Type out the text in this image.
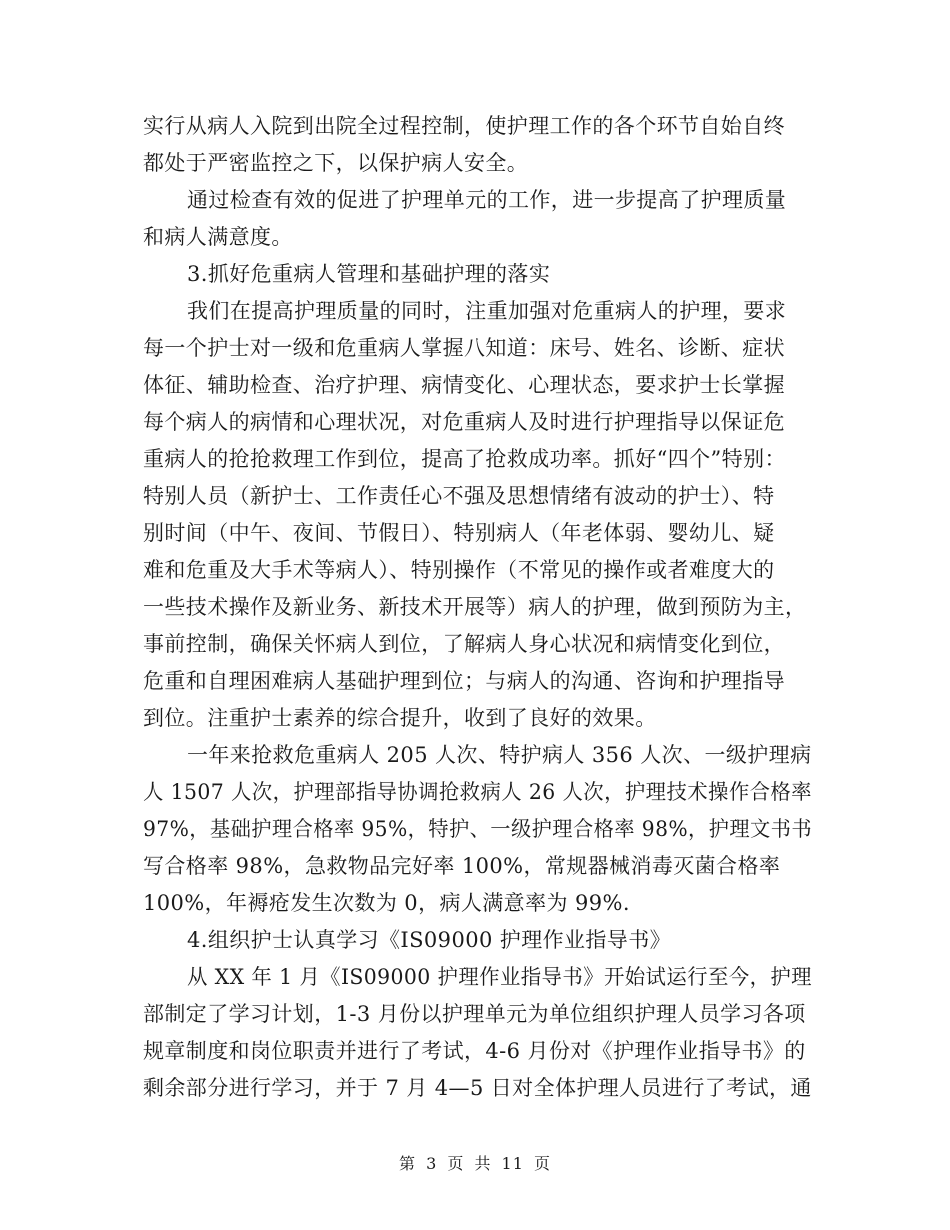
实行从病人入院到出院全过程控制，使护理工作的各个环节自始自终
都处于严密监控之下，以保护病人安全。
通过检查有效的促进了护理单元的工作，进一步提高了护理质量
和病人满意度。
3.抓好危重病人管理和基础护理的落实
我们在提高护理质量的同时，注重加强对危重病人的护理，要求
每一个护士对一级和危重病人掌握八知道：床号、姓名、诊断、症状
体征、辅助检查、治疗护理、病情变化、心理状态，要求护士长掌握
每个病人的病情和心理状况，对危重病人及时进行护理指导以保证危
重病人的抢抢救理工作到位，提高了抢救成功率。抓好“四个”特别：
特别人员（新护士、工作责任心不强及思想情绪有波动的护士）、特
别时间（中午、夜间、节假日）、特别病人（年老体弱、婴幼儿、疑
难和危重及大手术等病人）、特别操作（不常见的操作或者难度大的
一些技术操作及新业务、新技术开展等）病人的护理，做到预防为主，
事前控制，确保关怀病人到位，了解病人身心状况和病情变化到位，
危重和自理困难病人基础护理到位；与病人的沟通、咨询和护理指导
到位。注重护士素养的综合提升，收到了良好的效果。
一年来抢救危重病人 205 人次、特护病人 356 人次、一级护理病
人 1507 人次，护理部指导协调抢救病人 26 人次，护理技术操作合格率
97%，基础护理合格率 95%，特护、一级护理合格率 98%，护理文书书
写合格率 98%，急救物品完好率 100%，常规器械消毒灭菌合格率
100%，年褥疮发生次数为 0，病人满意率为 99%.
4.组织护士认真学习《IS09000 护理作业指导书》
从 XX 年 1 月《IS09000 护理作业指导书》开始试运行至今，护理
部制定了学习计划，1-3 月份以护理单元为单位组织护理人员学习各项
规章制度和岗位职责并进行了考试，4-6 月份对《护理作业指导书》的
剩余部分进行学习，并于 7 月 4—5 日对全体护理人员进行了考试，通
第 3 页 共 11 页
